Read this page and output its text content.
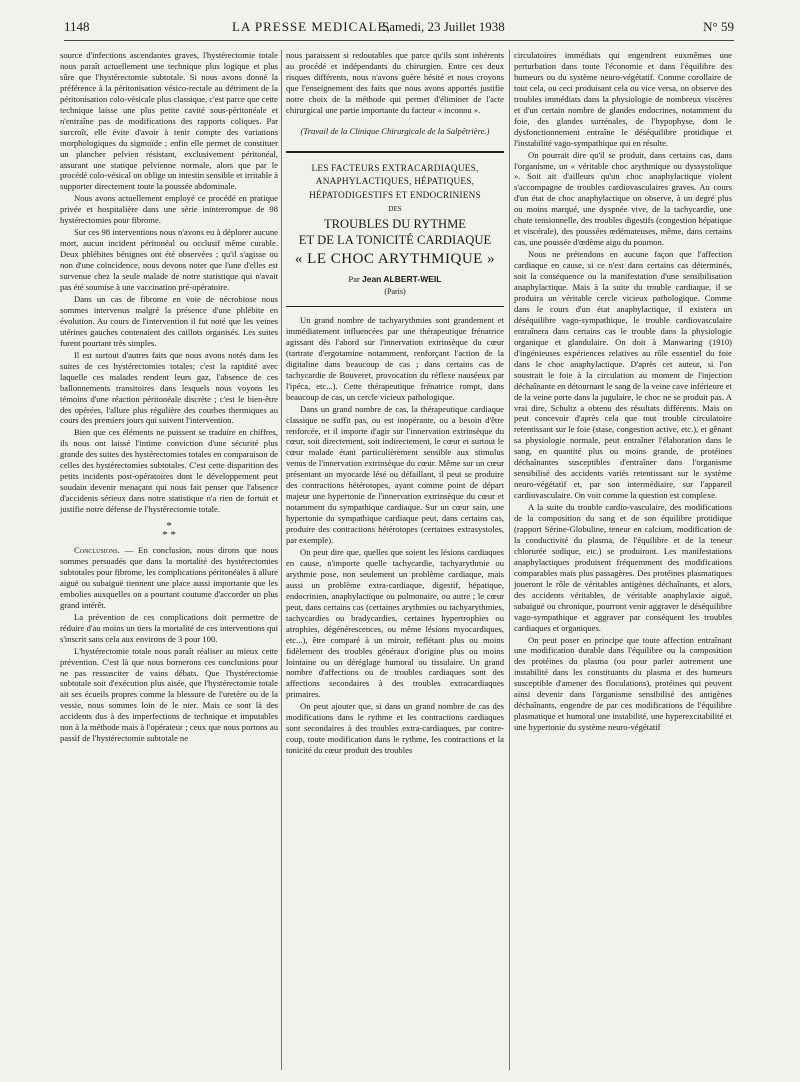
1148	LA PRESSE MEDICALE,
Samedi, 23 Juillet 1938	N° 59

source d'infections ascendantes graves, l'hystérectomie totale nous paraît actuellement une technique plus logique et plus sûre que l'hystérectomie subtotale. Si nous avons donné la préférence à la péritonisation vésico-rectale au détriment de la péritonisation colo-vésicale plus classique, c'est parce que cette technique laisse une plus petite cavité sous-péritonéale et n'entraîne pas de modifications des rapports coliques. Par surcroît, elle évite d'avoir à tenir compte des variations morphologiques du sigmoïde ; enfin elle permet de constituer un plancher pelvien résistant, exclusivement péritonéal, assurant une statique pelvienne normale, alors que par le procédé colo-vésical on oblige un intestin sensible et irritable à supporter directement toute la poussée abdominale.

Nous avons actuellement employé ce procédé en pratique privée et hospitalière dans une série ininterrompue de 98 hystérectomies pour fibrome.

Sur ces 98 interventions nous n'avons eu à déplorer aucune mort, aucun incident péritonéal ou occlusif même curable. Deux phlébites bénignes ont été observées ; qu'il s'agisse ou non d'une coïncidence, nous devons noter que l'une d'elles est survenue chez la seule malade de notre statistique qui n'avait pas été soumise à une vaccination pré-opératoire.

Dans un cas de fibrome en voie de nécrobiose nous sommes intervenus malgré la présence d'une phlébite en évolution. Au cours de l'intervention il fut noté que les veines utérines gauches contenaient des caillots organisés. Les suites furent pourtant très simples.

Il est surtout d'autres faits que nous avons notés dans les suites de ces hystérectomies totales; c'est la rapidité avec laquelle ces malades rendent leurs gaz, l'absence de ces ballonnements transitoires dans lesquels nous voyons les témoins d'une réaction péritonéale discrète ; c'est le bien-être des opérées, l'allure plus régulière des courbes thermiques au cours des premiers jours qui suivent l'intervention.

Bien que ces éléments ne puissent se traduire en chiffres, ils nous ont laissé l'intime conviction d'une sécurité plus grande des suites des hystérectomies totales en comparaison de celles des hystérectomies subtotales. C'est cette disparition des petits incidents post-opératoires dont le développement peut soudain devenir menaçant qui nous fait penser que l'absence d'accidents sérieux dans notre statistique n'a rien de fortuit et justifie notre défense de l'hystérectomie totale.

*
* *

Conclusions. — En conclusion, nous dirons que nous sommes persuadés que dans la mortalité des hystérectomies subtotales pour fibrome, les complications péritonéales à allure aiguë ou subaiguë tiennent une place aussi importante que les embolies auxquelles on a pourtant coutume d'accorder un plus grand intérêt.

La prévention de ces complications doit permettre de réduire d'au moins un tiers la mortalité de ces interventions qui s'inscrit sans cela aux environs de 3 pour 100.

L'hystérectomie totale nous paraît réaliser au mieux cette prévention. C'est là que nous bornerons ces conclusions pour ne pas ressusciter de vains débats. Que l'hystérectomie subtotale soit d'exécution plus aisée, que l'hystérectomie totale ait ses écueils propres comme la blessure de l'uretère ou de la vessie, nous sommes loin de le nier. Mais ce sont là des accidents dus à des imperfections de technique et imputables non à la méthode mais à l'opérateur ; ceux que nous portons au passif de l'hystérectomie subtotale ne

nous paraissent si redoutables que parce qu'ils sont inhérents au procédé et indépendants du chirurgien. Entre ces deux risques différents, nous n'avons guère hésité et nous croyons que l'enseignement des faits que nous avons apportés justifie notre choix de la méthode qui permet d'éliminer de l'acte chirurgical une partie importante du facteur « inconnu ».

(Travail de la Clinique Chirurgicale de la Salpêtrière.)

LES FACTEURS EXTRACARDIAQUES, ANAPHYLACTIQUES, HÉPATIQUES, HÉPATODIGESTIFS ET ENDOCRINIENS
DES
TROUBLES DU RYTHME
ET DE LA TONICITÉ CARDIAQUE
« LE CHOC ARYTHMIQUE »
Par Jean ALBERT-WEIL
(Paris)

Un grand nombre de tachyarythmies sont grandement et immédiatement influencées par une thérapeutique frénatrice agissant dès l'abord sur l'innervation extrinsèque du cœur (tartrate d'ergotamine notamment, renforçant l'action de la digitaline dans beaucoup de cas ; dans certains cas de tachycardie de Bouveret, provocation du réflexe nauséeux par l'ipéca, etc...). Cette thérapeutique frénatrice rompt, dans beaucoup de cas, un cercle vicieux pathologique.

Dans un grand nombre de cas, la thérapeutique cardiaque classique ne suffit pas, ou est inopérante, ou a besoin d'être renforcée, et il importe d'agir sur l'innervation extrinsèque du cœur, soit directement, soit indirectement, le cœur et surtout le cœur malade étant particulièrement sensible aux stimulus venus de l'innervation extrinsèque du cœur. Même sur un cœur présentant un myocarde lésé ou défaillant, il peut se produire des contractions hétérotopes, ayant comme point de départ majeur une hypertonie de l'innervation extrinsèque du cœur et notamment du sympathique cardiaque. Sur un cœur sain, une hypertonie du sympathique cardiaque peut, dans certains cas, produire des contractions hétérotopes (certaines extrasystoles, par exemple).

On peut dire que, quelles que soient les lésions cardiaques en cause, n'importe quelle tachycardie, tachyarythmie ou arythmie pose, non seulement un problème cardiaque, mais aussi un problème extra-cardiaque, digestif, hépatique, endocrinien, anaphylactique ou pulmonaire, ou autre ; le cœur peut, dans certains cas (certaines arythmies ou tachyarythmies, tachycardies ou bradycardies, certaines hypertrophies ou atrophies, dégénérescences, ou même lésions myocardiques, etc...), être comparé à un miroir, reflétant plus ou moins fidèlement des troubles généraux d'origine plus ou moins lointaine ou un déréglage humoral ou tissulaire. Un grand nombre d'affections ou de troubles cardiaques sont des affections secondaires à des troubles extracardiaques primaires.

On peut ajouter que, si dans un grand nombre de cas des modifications dans le rythme et les contractions cardiaques sont secondaires à des troubles extra-cardiaques, par contre-coup, toute modification dans le rythme, les contractions et la tonicité du cœur produit des troubles

circulatoires immédiats qui engendrent euxmêmes une perturbation dans toute l'économie et dans l'équilibre des humeurs ou du système neuro-végétatif. Comme corollaire de tout cela, ou ceci produisant cela ou vice versa, on observe des troubles immédiats dans la physiologie de nombreux viscères et d'un certain nombre de glandes endocrines, notamment du foie, des glandes surrénales, de l'hypophyse, dont le dysfonctionnement entraîne le déséquilibre protidique et l'instabilité vago-sympathique qui en résulte.

On pourrait dire qu'il se produit, dans certains cas, dans l'organisme, un « véritable choc arythmique ou dyssystolique ». Soit ait d'ailleurs qu'un choc anaphylactique violent s'accompagne de troubles cardiovasculaires graves. Au cours d'un état de choc anaphylactique on observe, à un degré plus ou moins marqué, une dyspnée vive, de la tachycardie, une chute tensionnelle, des troubles digestifs (congestion hépatique et viscérale), des poussées œdémateuses, même, dans certains cas, une poussée d'œdème aigu du poumon.

Nous ne prétendons en aucune façon que l'affection cardiaque en cause, si ce n'est dans certains cas déterminés, soit la conséquence ou la manifestation d'une sensibilisation anaphylactique. Mais à la suite du trouble cardiaque, il se produira un véritable cercle vicieux pathologique. Comme dans le cours d'un état anaphylactique, il existera un déséquilibre vago-sympathique, le trouble cardiovasculaire entraînera dans certains cas le trouble dans la physiologie organique et glandulaire. On doit à Manwaring (1910) d'ingénieuses expériences relatives au rôle essentiel du foie dans le choc anaphylactique. D'après cet auteur, si l'on soustrait le foie à la circulation au moment de l'injection déchaînante en détournant le sang de la veine cave inférieure et de la veine porte dans la jugulaire, le choc ne se produit pas. A vrai dire, Schultz a obtenu des résultats différents. Mais on peut concevoir d'après cela que tout trouble circulatoire retentissant sur le foie (stase, congestion active, etc.), et gênant sa physiologie normale, peut entraîner l'élaboration dans le sang, en quantité plus ou moins grande, de protéines déchaînantes susceptibles d'entraîner dans l'organisme sensibilisé des accidents variés retentissant sur le système neuro-végétatif et, par son intermédiaire, sur l'appareil cardiovasculaire. On voit comme la question est complexe.

A la suite du trouble cardio-vasculaire, des modifications de la composition du sang et de son équilibre protidique (rapport Sérine-Globuline, teneur en calcium, modification de la conductivité du plasma, de l'équilibre et de la teneur chlorurée sodique, etc.) se produiront. Les manifestations anaphylactiques produisent fréquemment des modifications comparables mais plus passagères. Des protéines plasmatiques joueront le rôle de véritables antigènes déchaînants, et alors, des accidents véritables, de véritable anaphylaxie aiguë, subaiguë ou chronique, pourront venir aggraver le déséquilibre vago-sympathique et aggraver par conséquent les troubles cardiaques et organiques.

On peut poser en principe que toute affection entraînant une modification durable dans l'équilibre ou la composition des protéines du plasma (ou pour parler autrement une instabilité dans les constituants du plasma et des humeurs susceptible d'amener des floculations), protéines qui peuvent ainsi devenir dans l'organisme sensibilisé des antigènes déchaînants, engendre de par ces modifications de l'équilibre plasmatique et humoral une instabilité, une hyperexcitabilité et une hypertonie du système neuro-végétatif
